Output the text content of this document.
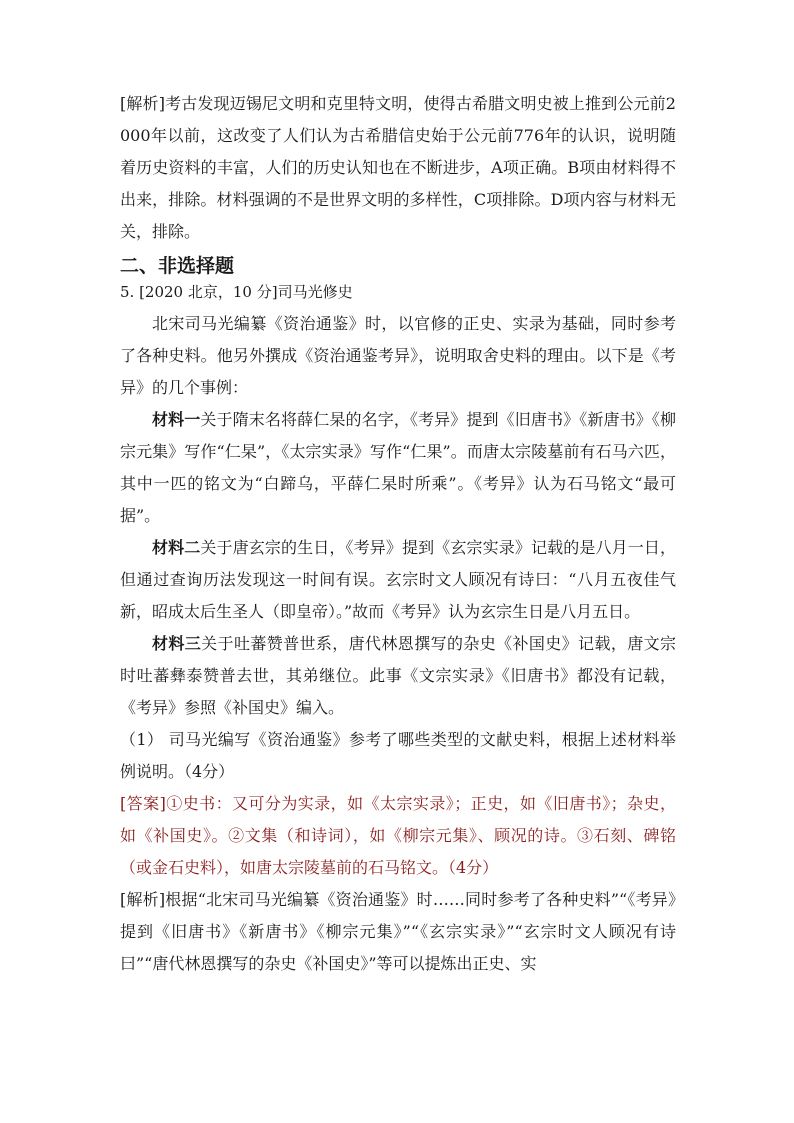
[解析]考古发现迈锡尼文明和克里特文明，使得古希腊文明史被上推到公元前2000年以前，这改变了人们认为古希腊信史始于公元前776年的认识，说明随着历史资料的丰富，人们的历史认知也在不断进步，A项正确。B项由材料得不出来，排除。材料强调的不是世界文明的多样性，C项排除。D项内容与材料无关，排除。

二、非选择题

5. [2020 北京，10 分]司马光修史

北宋司马光编纂《资治通鉴》时，以官修的正史、实录为基础，同时参考了各种史料。他另外撰成《资治通鉴考异》，说明取舍史料的理由。以下是《考异》的几个事例：

材料一关于隋末名将薛仁杲的名字，《考异》提到《旧唐书》《新唐书》《柳宗元集》写作“仁杲”，《太宗实录》写作“仁果”。而唐太宗陵墓前有石马六匹，其中一匹的铭文为“白蹄乌，平薛仁杲时所乘”。《考异》认为石马铭文“最可据”。

材料二关于唐玄宗的生日，《考异》提到《玄宗实录》记载的是八月一日，但通过查询历法发现这一时间有误。玄宗时文人顾况有诗曰：“八月五夜佳气新，昭成太后生圣人（即皇帝）。”故而《考异》认为玄宗生日是八月五日。

材料三关于吐蕃赞普世系，唐代林恩撰写的杂史《补国史》记载，唐文宗时吐蕃彝泰赞普去世，其弟继位。此事《文宗实录》《旧唐书》都没有记载，《考异》参照《补国史》编入。

（1） 司马光编写《资治通鉴》参考了哪些类型的文献史料，根据上述材料举例说明。（4分）

[答案]①史书：又可分为实录，如《太宗实录》；正史，如《旧唐书》；杂史，如《补国史》。②文集（和诗词），如《柳宗元集》、顾况的诗。③石刻、碑铭（或金石史料），如唐太宗陵墓前的石马铭文。（4分）

[解析]根据“北宋司马光编纂《资治通鉴》时……同时参考了各种史料”“《考异》提到《旧唐书》《新唐书》《柳宗元集》”“《玄宗实录》”“玄宗时文人顾况有诗曰”“唐代林恩撰写的杂史《补国史》”等可以提炼出正史、实
